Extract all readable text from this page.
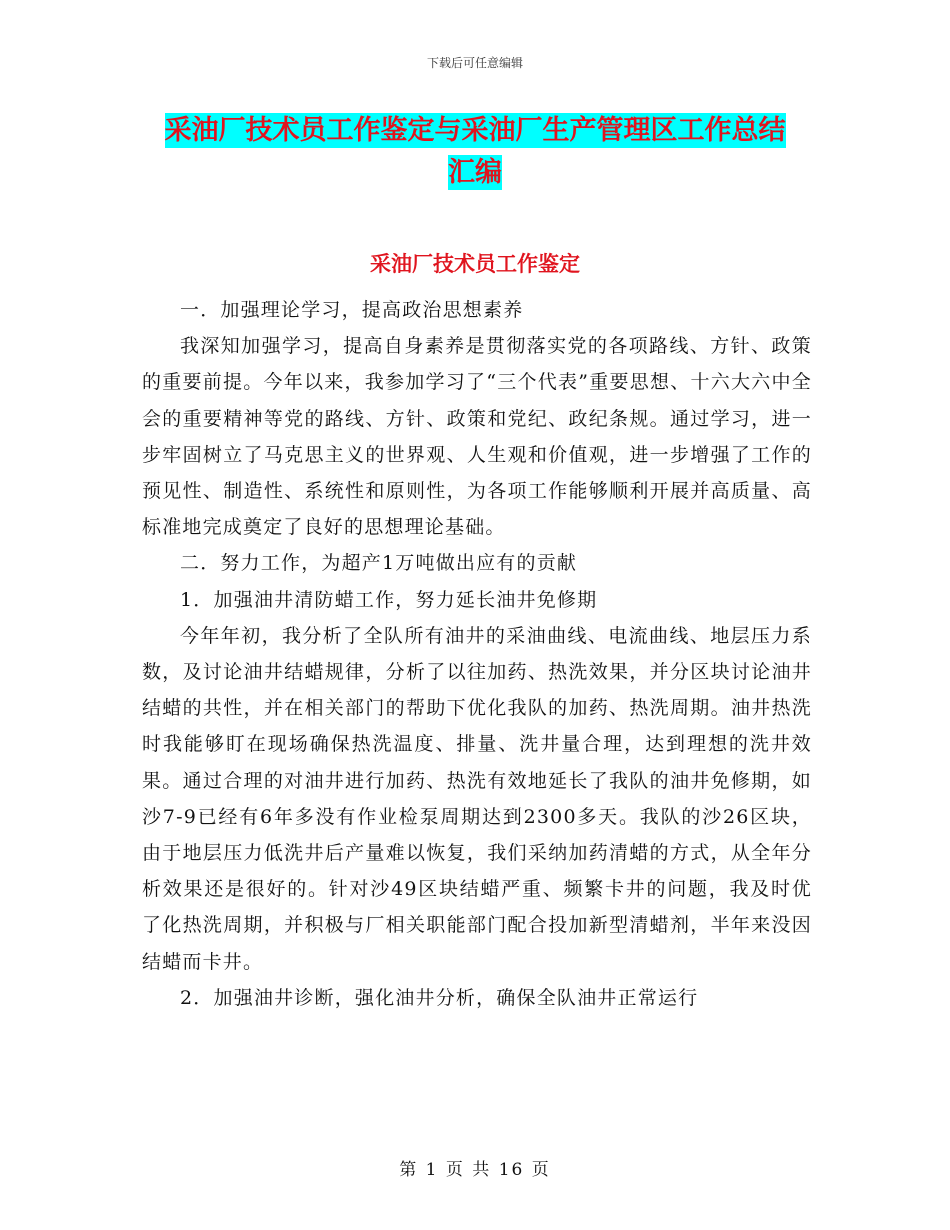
下载后可任意编辑
采油厂技术员工作鉴定与采油厂生产管理区工作总结
汇编
采油厂技术员工作鉴定

一．加强理论学习，提高政治思想素养

我深知加强学习，提高自身素养是贯彻落实党的各项路线、方针、政策的重要前提。今年以来，我参加学习了“三个代表”重要思想、十六大六中全会的重要精神等党的路线、方针、政策和党纪、政纪条规。通过学习，进一步牢固树立了马克思主义的世界观、人生观和价值观，进一步增强了工作的预见性、制造性、系统性和原则性，为各项工作能够顺利开展并高质量、高标准地完成奠定了良好的思想理论基础。

二．努力工作，为超产1万吨做出应有的贡献

1．加强油井清防蜡工作，努力延长油井免修期

今年年初，我分析了全队所有油井的采油曲线、电流曲线、地层压力系数，及讨论油井结蜡规律，分析了以往加药、热洗效果，并分区块讨论油井结蜡的共性，并在相关部门的帮助下优化我队的加药、热洗周期。油井热洗时我能够盯在现场确保热洗温度、排量、洗井量合理，达到理想的洗井效果。通过合理的对油井进行加药、热洗有效地延长了我队的油井免修期，如沙7-9已经有6年多没有作业检泵周期达到2300多天。我队的沙26区块，由于地层压力低洗井后产量难以恢复，我们采纳加药清蜡的方式，从全年分析效果还是很好的。针对沙49区块结蜡严重、频繁卡井的问题，我及时优了化热洗周期，并积极与厂相关职能部门配合投加新型清蜡剂，半年来没因结蜡而卡井。

2．加强油井诊断，强化油井分析，确保全队油井正常运行

第 1 页 共 16 页
